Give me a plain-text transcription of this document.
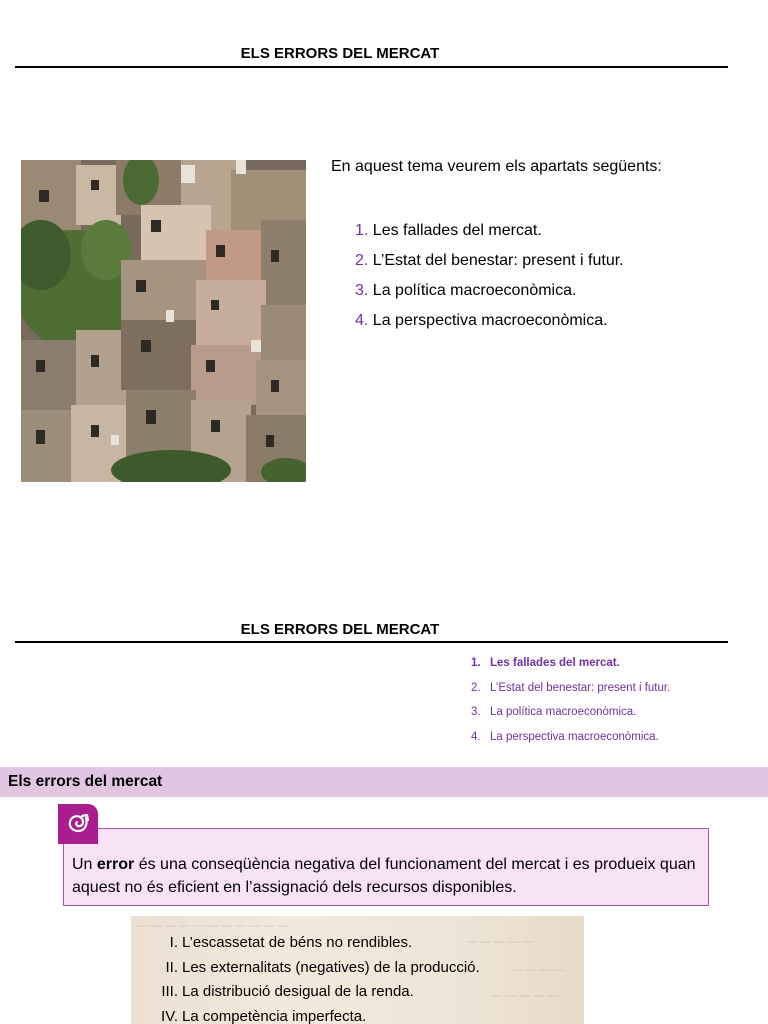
ELS ERRORS DEL MERCAT
En aquest tema veurem els apartats següents:
1. Les fallades del mercat.
2. L’Estat del benestar: present i futur.
3. La política macroeconòmica.
4. La perspectiva macroeconòmica.
ELS ERRORS DEL MERCAT
1. Les fallades del mercat.
2. L’Estat del benestar: present i futur.
3. La política macroeconòmica.
4. La perspectiva macroeconòmica.
Els errors del mercat
Un error és una conseqüència negativa del funcionament del mercat i es produeix quan aquest no és eficient en l’assignació dels recursos disponibles.
— — — — — — — — — — —
— — — — —
— — — —
— — — — —
I. L’escassetat de béns no rendibles.
II. Les externalitats (negatives) de la producció.
III. La distribució desigual de la renda.
IV. La competència imperfecta.
